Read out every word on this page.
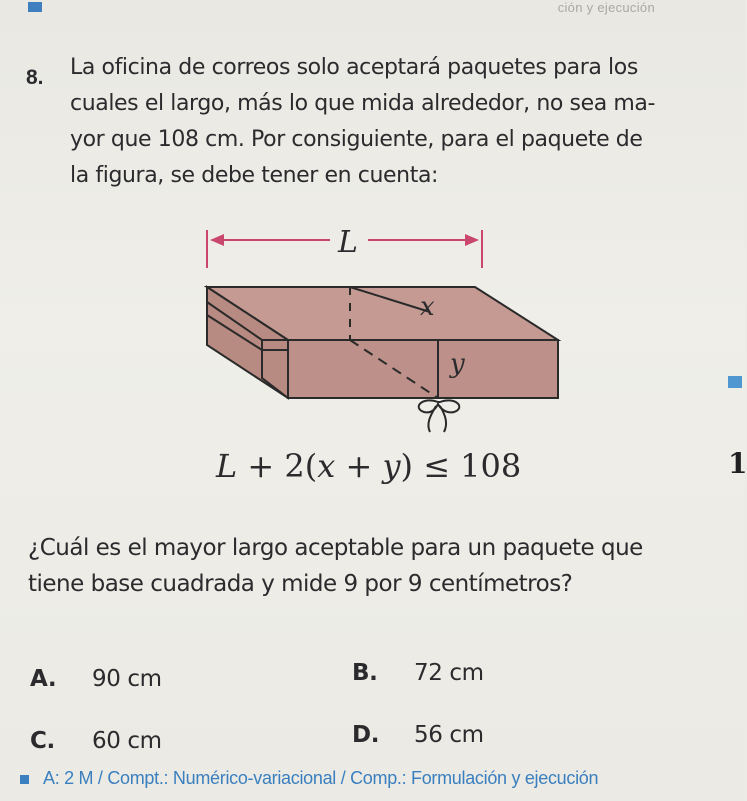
ción y ejecución
8. La oficina de correos solo aceptará paquetes para los
cuales el largo, más lo que mida alrededor, no sea ma-
yor que 108 cm. Por consiguiente, para el paquete de
la figura, se debe tener en cuenta:
L
x
y
L + 2(x + y) ≤ 108	1
¿Cuál es el mayor largo aceptable para un paquete que
tiene base cuadrada y mide 9 por 9 centímetros?
A. 90 cm	B. 72 cm
C. 60 cm	D. 56 cm
A: 2 M / Compt.: Numérico-variacional / Comp.: Formulación y ejecución
